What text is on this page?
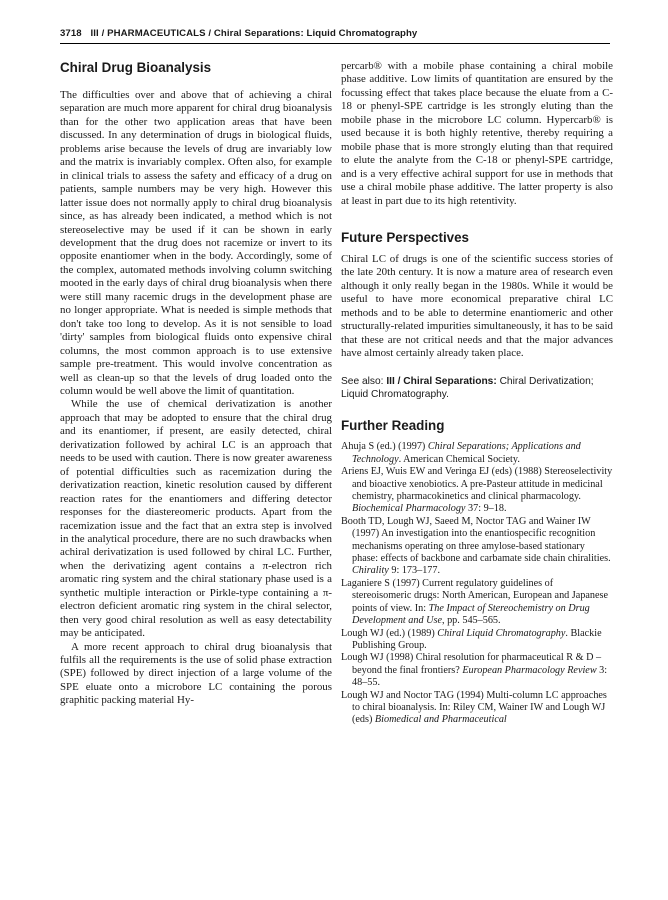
3718 III / PHARMACEUTICALS / Chiral Separations: Liquid Chromatography
Chiral Drug Bioanalysis

The difficulties over and above that of achieving a chiral separation are much more apparent for chiral drug bioanalysis than for the other two application areas that have been discussed. In any determination of drugs in biological fluids, problems arise because the levels of drug are invariably low and the matrix is invariably complex. Often also, for example in clinical trials to assess the safety and efficacy of a drug on patients, sample numbers may be very high. However this latter issue does not normally apply to chiral drug bioanalysis since, as has already been indicated, a method which is not stereoselective may be used if it can be shown in early development that the drug does not racemize or invert to its opposite enantiomer when in the body. Accordingly, some of the complex, automated methods involving column switching mooted in the early days of chiral drug bioanalysis when there were still many racemic drugs in the development phase are no longer appropriate. What is needed is simple methods that don't take too long to develop. As it is not sensible to load 'dirty' samples from biological fluids onto expensive chiral columns, the most common approach is to use extensive sample pre-treatment. This would involve concentration as well as clean-up so that the levels of drug loaded onto the column would be well above the limit of quantitation.

While the use of chemical derivatization is another approach that may be adopted to ensure that the chiral drug and its enantiomer, if present, are easily detected, chiral derivatization followed by achiral LC is an approach that needs to be used with caution. There is now greater awareness of potential difficulties such as racemization during the derivatization reaction, kinetic resolution caused by different reaction rates for the enantiomers and differing detector responses for the diastereomeric products. Apart from the racemization issue and the fact that an extra step is involved in the analytical procedure, there are no such drawbacks when achiral derivatization is used followed by chiral LC. Further, when the derivatizing agent contains a π-electron rich aromatic ring system and the chiral stationary phase used is a synthetic multiple interaction or Pirkle-type containing a π-electron deficient aromatic ring system in the chiral selector, then very good chiral resolution as well as easy detectability may be anticipated.

A more recent approach to chiral drug bioanalysis that fulfils all the requirements is the use of solid phase extraction (SPE) followed by direct injection of a large volume of the SPE eluate onto a microbore LC containing the porous graphitic packing material Hy-

percarb® with a mobile phase containing a chiral mobile phase additive. Low limits of quantitation are ensured by the focussing effect that takes place because the eluate from a C-18 or phenyl-SPE cartridge is les strongly eluting than the mobile phase in the microbore LC column. Hypercarb® is used because it is both highly retentive, thereby requiring a mobile phase that is more strongly eluting than that required to elute the analyte from the C-18 or phenyl-SPE cartridge, and is a very effective achiral support for use in methods that use a chiral mobile phase additive. The latter property is also at least in part due to its high retentivity.

Future Perspectives

Chiral LC of drugs is one of the scientific success stories of the late 20th century. It is now a mature area of research even although it only really began in the 1980s. While it would be useful to have more economical preparative chiral LC methods and to be able to determine enantiomeric and other structurally-related impurities simultaneously, it has to be said that these are not critical needs and that the major advances have almost certainly already taken place.

See also: III / Chiral Separations: Chiral Derivatization; Liquid Chromatography.
Further Reading

Ahuja S (ed.) (1997) Chiral Separations; Applications and Technology. American Chemical Society.

Ariens EJ, Wuis EW and Veringa EJ (eds) (1988) Stereoselectivity and bioactive xenobiotics. A pre-Pasteur attitude in medicinal chemistry, pharmacokinetics and clinical pharmacology. Biochemical Pharmacology 37: 9–18.

Booth TD, Lough WJ, Saeed M, Noctor TAG and Wainer IW (1997) An investigation into the enantiospecific recognition mechanisms operating on three amylose-based stationary phase: effects of backbone and carbamate side chain chiralities. Chirality 9: 173–177.

Laganiere S (1997) Current regulatory guidelines of stereoisomeric drugs: North American, European and Japanese points of view. In: The Impact of Stereochemistry on Drug Development and Use, pp. 545–565.

Lough WJ (ed.) (1989) Chiral Liquid Chromatography. Blackie Publishing Group.

Lough WJ (1998) Chiral resolution for pharmaceutical R & D – beyond the final frontiers? European Pharmacology Review 3: 48–55.

Lough WJ and Noctor TAG (1994) Multi-column LC approaches to chiral bioanalysis. In: Riley CM, Wainer IW and Lough WJ (eds) Biomedical and Pharmaceutical
